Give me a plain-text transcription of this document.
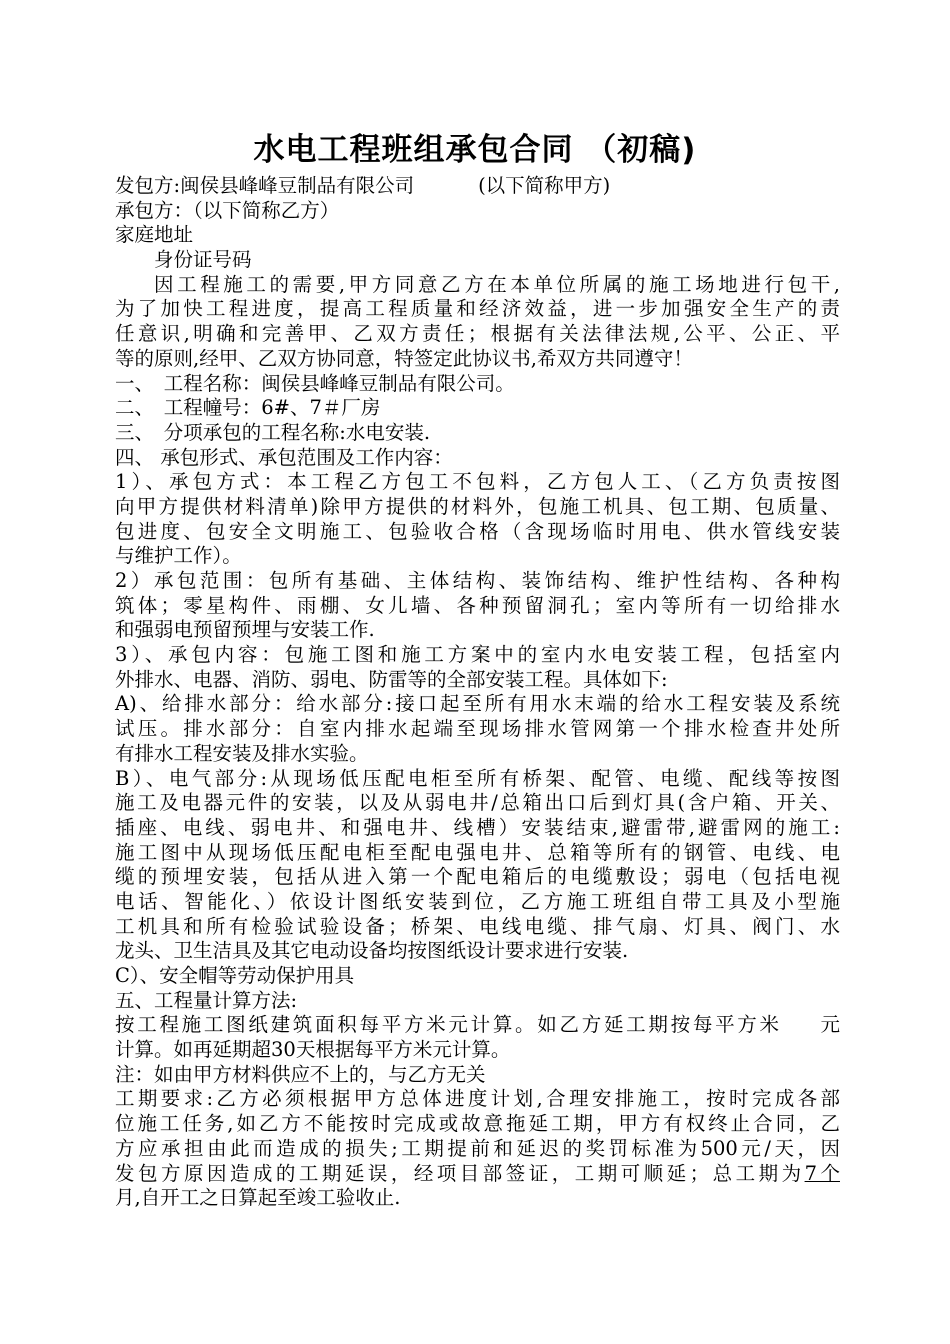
水电工程班组承包合同 （初稿)
发包方:闽侯县峰峰豆制品有限公司	(以下简称甲方)
承包方：（以下简称乙方）
家庭地址
身份证号码
因工程施工的需要,甲方同意乙方在本单位所属的施工场地进行包干,
为了加快工程进度，提高工程质量和经济效益，进一步加强安全生产的责
任意识,明确和完善甲、乙双方责任；根据有关法律法规,公平、公正、平
等的原则,经甲、乙双方协同意，特签定此协议书,希双方共同遵守！
一、　工程名称：闽侯县峰峰豆制品有限公司。
二、　工程幢号：6#、7＃厂房
三、　分项承包的工程名称:水电安装.
四、 承包形式、承包范围及工作内容：
1）、承包方式：本工程乙方包工不包料，乙方包人工、（乙方负责按图
向甲方提供材料清单)除甲方提供的材料外，包施工机具、包工期、包质量、
包进度、包安全文明施工、包验收合格（含现场临时用电、供水管线安装
与维护工作）。
2）承包范围：包所有基础、主体结构、装饰结构、维护性结构、各种构
筑体；零星构件、雨棚、女儿墙、各种预留洞孔；室内等所有一切给排水
和强弱电预留预埋与安装工作.
3）、承包内容：包施工图和施工方案中的室内水电安装工程，包括室内
外排水、电器、消防、弱电、防雷等的全部安装工程。具体如下:
A)、给排水部分：给水部分:接口起至所有用水末端的给水工程安装及系统
试压。排水部分：自室内排水起端至现场排水管网第一个排水检查井处所
有排水工程安装及排水实验。
B）、电气部分:从现场低压配电柜至所有桥架、配管、电缆、配线等按图
施工及电器元件的安装，以及从弱电井/总箱出口后到灯具(含户箱、开关、
插座、电线、弱电井、和强电井、线槽）安装结束,避雷带,避雷网的施工:
施工图中从现场低压配电柜至配电强电井、总箱等所有的钢管、电线、电
缆的预埋安装，包括从进入第一个配电箱后的电缆敷设；弱电（包括电视
电话、智能化、）依设计图纸安装到位，乙方施工班组自带工具及小型施
工机具和所有检验试验设备；桥架、电线电缆、排气扇、灯具、阀门、水
龙头、卫生洁具及其它电动设备均按图纸设计要求进行安装.
C）、安全帽等劳动保护用具
五、工程量计算方法:
按工程施工图纸建筑面积每平方米元计算。如乙方延工期按每平方米 元
计算。如再延期超30天根据每平方米元计算。
注：如由甲方材料供应不上的，与乙方无关
工期要求:乙方必须根据甲方总体进度计划,合理安排施工，按时完成各部
位施工任务,如乙方不能按时完成或故意拖延工期，甲方有权终止合同，乙
方应承担由此而造成的损失;工期提前和延迟的奖罚标准为500元/天，因
发包方原因造成的工期延误，经项目部签证，工期可顺延；总工期为7个
月,自开工之日算起至竣工验收止.
